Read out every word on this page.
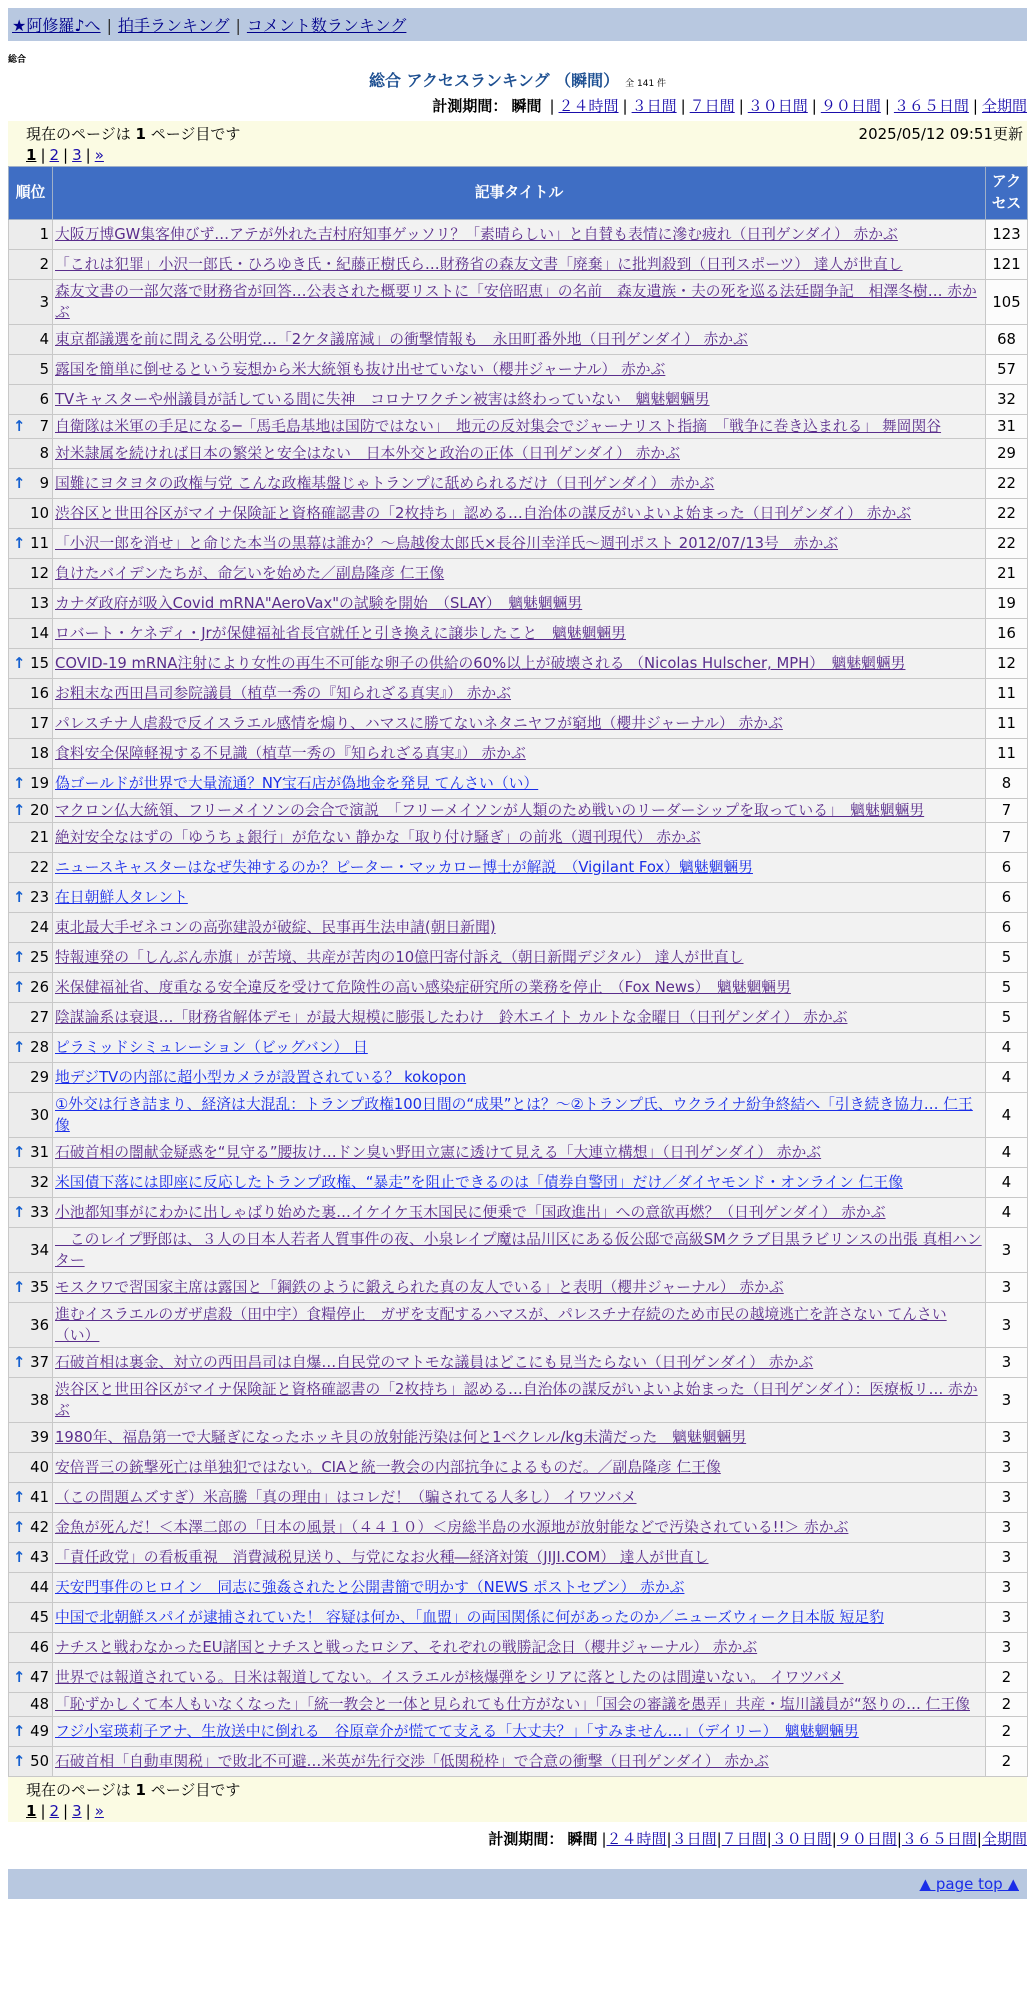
★阿修羅♪へ | 拍手ランキング | コメント数ランキング
総合
総合 アクセスランキング （瞬間） 全 141 件
計測期間： 瞬間 | ２４時間 | ３日間 | ７日間 | ３０日間 | ９０日間 | ３６５日間 | 全期間
現在のページは 1 ページ目です	2025/05/12 09:51更新
1 | 2 | 3 | »
順位	記事タイトル	アクセス
1	大阪万博GW集客伸びず…アテが外れた吉村府知事ゲッソリ？「素晴らしい」と自賛も表情に滲む疲れ（日刊ゲンダイ） 赤かぶ	123
2	「これは犯罪」小沢一郎氏・ひろゆき氏・紀藤正樹氏ら…財務省の森友文書「廃棄」に批判殺到（日刊スポーツ） 達人が世直し	121
3	森友文書の一部欠落で財務省が回答…公表された概要リストに「安倍昭恵」の名前　森友遺族・夫の死を巡る法廷闘争記　相澤冬樹… 赤かぶ	105
4	東京都議選を前に問える公明党…「2ケタ議席減」の衝撃情報も　永田町番外地（日刊ゲンダイ） 赤かぶ	68
5	露国を簡単に倒せるという妄想から米大統領も抜け出せていない（櫻井ジャーナル） 赤かぶ	57
6	TVキャスターや州議員が話している間に失神　コロナワクチン被害は終わっていない　魑魅魍魎男	32

↑ 7	自衛隊は米軍の手足になる─「馬毛島基地は国防ではない」　地元の反対集会でジャーナリスト指摘　「戦争に巻き込まれる」 舞岡関谷	31
8	対米隷属を続ければ日本の繁栄と安全はない　日本外交と政治の正体（日刊ゲンダイ） 赤かぶ	29

↑ 9	国難にヨタヨタの政権与党 こんな政権基盤じゃトランプに舐められるだけ（日刊ゲンダイ） 赤かぶ	22
10	渋谷区と世田谷区がマイナ保険証と資格確認書の「2枚持ち」認める…自治体の謀反がいよいよ始まった（日刊ゲンダイ） 赤かぶ	22

↑ 11	「小沢一郎を消せ」と命じた本当の黒幕は誰か？～鳥越俊太郎氏×長谷川幸洋氏～週刊ポスト 2012/07/13号　赤かぶ	22
12	負けたバイデンたちが、命乞いを始めた／副島隆彦 仁王像	21
13	カナダ政府が吸入Covid mRNA"AeroVax"の試験を開始　（SLAY）　魑魅魍魎男	19
14	ロバート・ケネディ・Jrが保健福祉省長官就任と引き換えに譲歩したこと　魑魅魍魎男	16

↑ 15	COVID-19 mRNA注射により女性の再生不可能な卵子の供給の60%以上が破壊される （Nicolas Hulscher, MPH）　魑魅魍魎男	12
16	お粗末な西田昌司参院議員（植草一秀の『知られざる真実』） 赤かぶ	11
17	パレスチナ人虐殺で反イスラエル感情を煽り、ハマスに勝てないネタニヤフが窮地（櫻井ジャーナル） 赤かぶ	11
18	食料安全保障軽視する不見識（植草一秀の『知られざる真実』） 赤かぶ	11

↑ 19	偽ゴールドが世界で大量流通？NY宝石店が偽地金を発見 てんさい（い）	8

↑ 20	マクロン仏大統領、フリーメイソンの会合で演説　「フリーメイソンが人類のため戦いのリーダーシップを取っている」　魑魅魍魎男	7
21	絶対安全なはずの「ゆうちょ銀行」が危ない 静かな「取り付け騒ぎ」の前兆（週刊現代） 赤かぶ	7
22	ニュースキャスターはなぜ失神するのか？ピーター・マッカロー博士が解説　（Vigilant Fox）魑魅魍魎男	6

↑ 23	在日朝鮮人タレント	6
24	東北最大手ゼネコンの高弥建設が破綻、民事再生法申請(朝日新聞)	6

↑ 25	特報連発の「しんぶん赤旗」が苦境、共産が苦肉の10億円寄付訴え（朝日新聞デジタル） 達人が世直し	5

↑ 26	米保健福祉省、度重なる安全違反を受けて危険性の高い感染症研究所の業務を停止　（Fox News）　魑魅魍魎男	5
27	陰謀論系は衰退…「財務省解体デモ」が最大規模に膨張したわけ　鈴木エイト カルトな金曜日（日刊ゲンダイ） 赤かぶ	5

↑ 28	ピラミッドシミュレーション（ビッグバン） 日	4
29	地デジTVの内部に超小型カメラが設置されている？ kokopon	4
30	①外交は行き詰まり、経済は大混乱：トランプ政権100日間の“成果”とは？～②トランプ氏、ウクライナ紛争終結へ「引き続き協力… 仁王像	4

↑ 31	石破首相の闇献金疑惑を“見守る”腰抜け…ドン臭い野田立憲に透けて見える「大連立構想」（日刊ゲンダイ） 赤かぶ	4
32	米国債下落には即座に反応したトランプ政権、“暴走”を阻止できるのは「債券自警団」だけ／ダイヤモンド・オンライン 仁王像	4

↑ 33	小池都知事がにわかに出しゃばり始めた裏…イケイケ玉木国民に便乗で「国政進出」への意欲再燃？（日刊ゲンダイ） 赤かぶ	4
34	　このレイプ野郎は、３人の日本人若者人質事件の夜、小泉レイプ魔は品川区にある仮公邸で高級SMクラブ目黒ラビリンスの出張 真相ハンター	3

↑ 35	モスクワで習国家主席は露国と「鋼鉄のように鍛えられた真の友人でいる」と表明（櫻井ジャーナル） 赤かぶ	3
36	進むイスラエルのガザ虐殺（田中宇）食糧停止　ガザを支配するハマスが、パレスチナ存続のため市民の越境逃亡を許さない てんさい（い）	3

↑ 37	石破首相は裏金、対立の西田昌司は自爆…自民党のマトモな議員はどこにも見当たらない（日刊ゲンダイ） 赤かぶ	3
38	渋谷区と世田谷区がマイナ保険証と資格確認書の「2枚持ち」認める…自治体の謀反がいよいよ始まった（日刊ゲンダイ）：医療板リ… 赤かぶ	3
39	1980年、福島第一で大騒ぎになったホッキ貝の放射能汚染は何と1ベクレル/kg未満だった　魑魅魍魎男	3
40	安倍晋三の銃撃死亡は単独犯ではない。CIAと統一教会の内部抗争によるものだ。／副島隆彦 仁王像	3

↑ 41	（この問題ムズすぎ）米高騰「真の理由」はコレだ！（騙されてる人多し） イワツバメ	3

↑ 42	金魚が死んだ！＜本澤二郎の「日本の風景」（４４１０）＜房総半島の水源地が放射能などで汚染されている!!＞ 赤かぶ	3

↑ 43	「責任政党」の看板重視　消費減税見送り、与党になお火種―経済対策（JIJI.COM） 達人が世直し	3
44	天安門事件のヒロイン　同志に強姦されたと公開書簡で明かす（NEWS ポストセブン） 赤かぶ	3
45	中国で北朝鮮スパイが逮捕されていた！ 容疑は何か、「血盟」の両国関係に何があったのか／ニューズウィーク日本版 短足豹	3
46	ナチスと戦わなかったEU諸国とナチスと戦ったロシア、それぞれの戦勝記念日（櫻井ジャーナル） 赤かぶ	3

↑ 47	世界では報道されている。日米は報道してない。イスラエルが核爆弾をシリアに落としたのは間違いない。 イワツバメ	2
48	「恥ずかしくて本人もいなくなった」「統一教会と一体と見られても仕方がない」「国会の審議を愚弄」共産・塩川議員が“怒りの… 仁王像	2

↑ 49	フジ小室瑛莉子アナ、生放送中に倒れる　谷原章介が慌てて支える「大丈夫？」「すみません…」（デイリー）　魑魅魍魎男	2

↑ 50	石破首相「自動車関税」で敗北不可避…米英が先行交渉「低関税枠」で合意の衝撃（日刊ゲンダイ） 赤かぶ	2
現在のページは 1 ページ目です
1 | 2 | 3 | »
計測期間： 瞬間 |２４時間|３日間|７日間|３０日間|９０日間|３６５日間|全期間
▲ page top ▲
